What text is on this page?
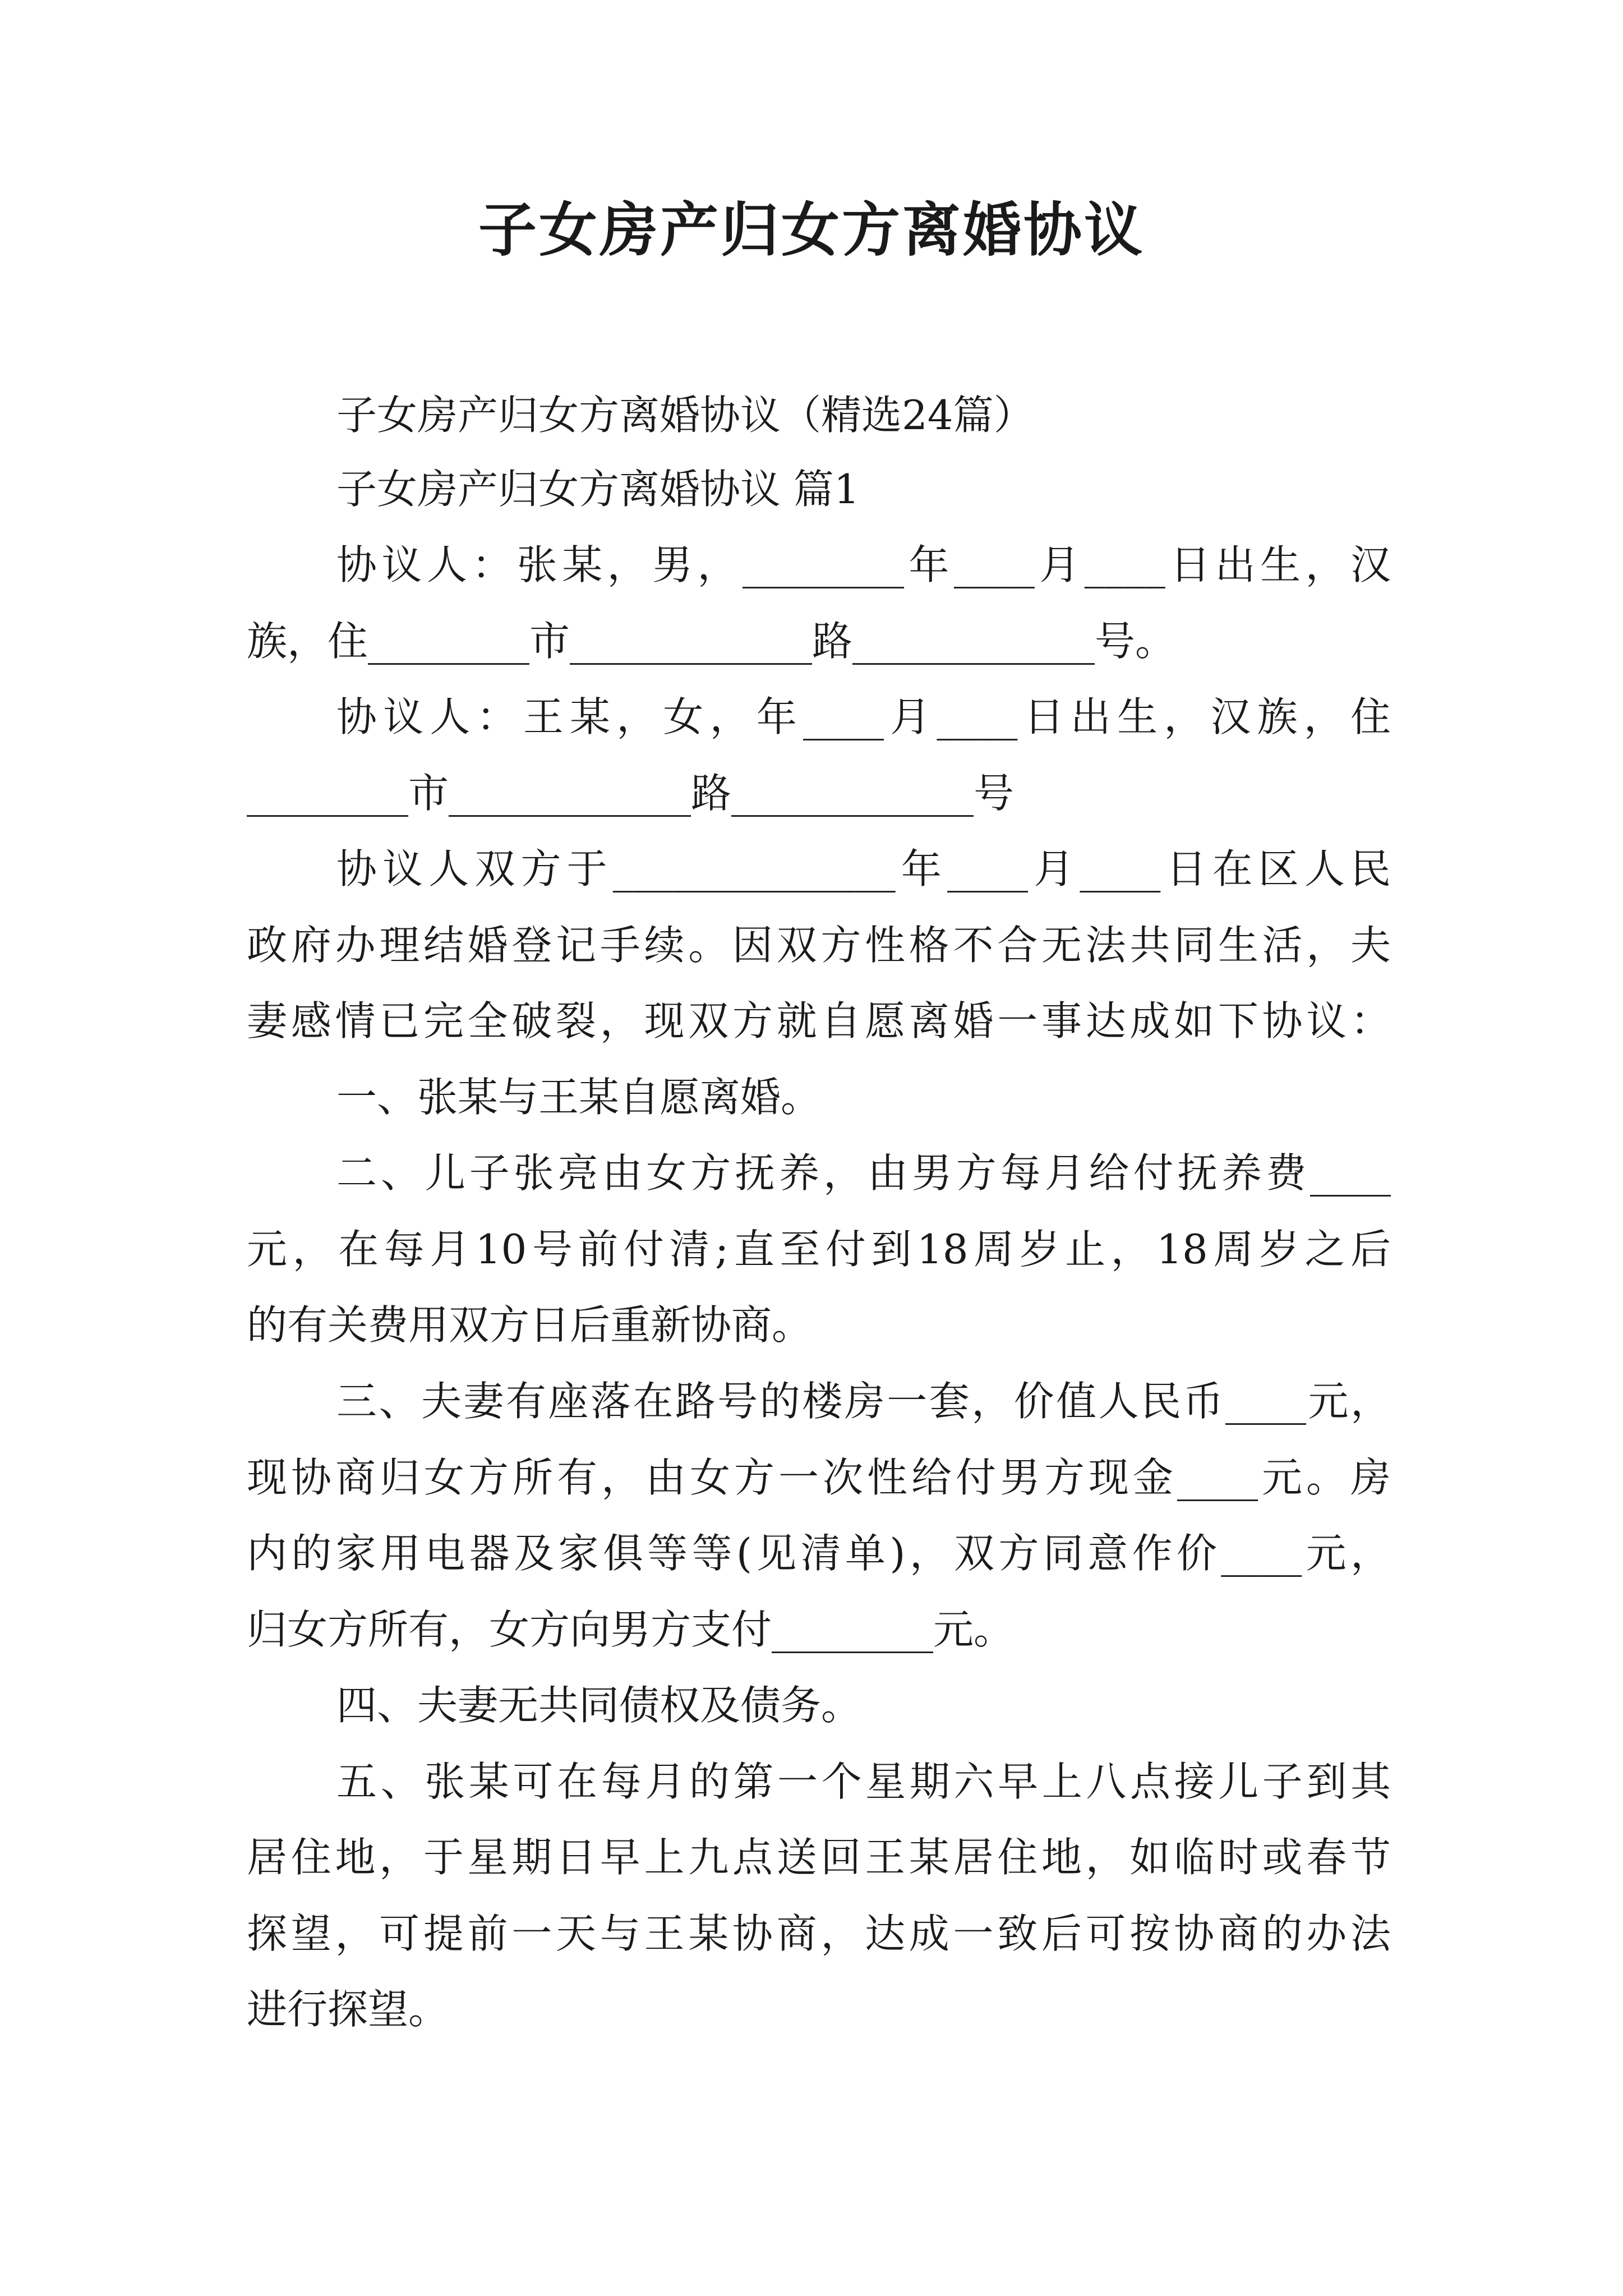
子女房产归女方离婚协议
子女房产归女方离婚协议（精选24篇）
子女房产归女方离婚协议 篇1
协议人：张某，男，________年____月____日出生，汉
族，住________市____________路____________号。
协议人：王某，女，年____月____日出生，汉族，住
________市____________路____________号
协议人双方于______________年____月____日在区人民
政府办理结婚登记手续。因双方性格不合无法共同生活，夫
妻感情已完全破裂，现双方就自愿离婚一事达成如下协议：
一、张某与王某自愿离婚。
二、儿子张亮由女方抚养，由男方每月给付抚养费____
元，在每月10号前付清;直至付到18周岁止，18周岁之后
的有关费用双方日后重新协商。
三、夫妻有座落在路号的楼房一套，价值人民币____元，
现协商归女方所有，由女方一次性给付男方现金____元。房
内的家用电器及家俱等等(见清单)，双方同意作价____元，
归女方所有，女方向男方支付________元。
四、夫妻无共同债权及债务。
五、张某可在每月的第一个星期六早上八点接儿子到其
居住地，于星期日早上九点送回王某居住地，如临时或春节
探望，可提前一天与王某协商，达成一致后可按协商的办法
进行探望。
